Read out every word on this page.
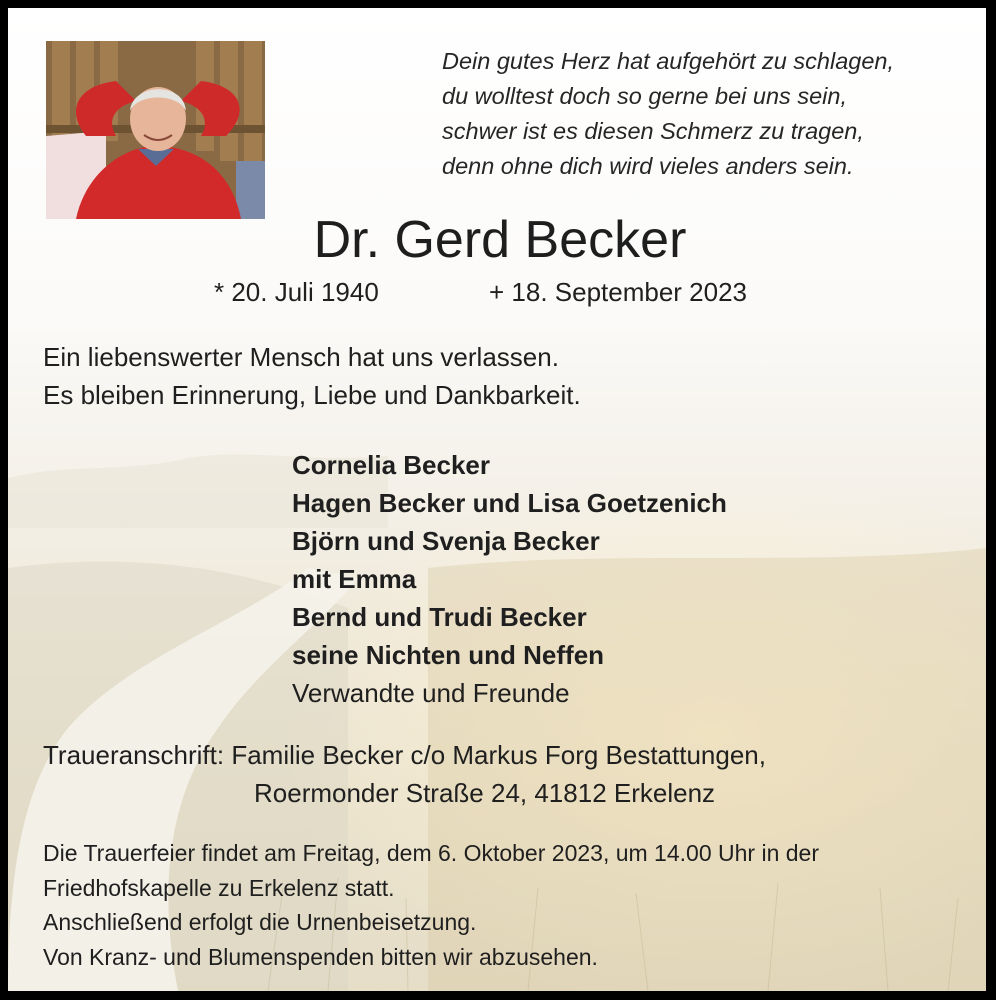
Dein gutes Herz hat aufgehört zu schlagen,
du wolltest doch so gerne bei uns sein,
schwer ist es diesen Schmerz zu tragen,
denn ohne dich wird vieles anders sein.
Dr. Gerd Becker
* 20. Juli 1940	+ 18. September 2023
Ein liebenswerter Mensch hat uns verlassen.
Es bleiben Erinnerung, Liebe und Dankbarkeit.
Cornelia Becker
Hagen Becker und Lisa Goetzenich
Björn und Svenja Becker
mit Emma
Bernd und Trudi Becker
seine Nichten und Neffen
Verwandte und Freunde
Traueranschrift: Familie Becker c/o Markus Forg Bestattungen,
Roermonder Straße 24, 41812 Erkelenz
Die Trauerfeier findet am Freitag, dem 6. Oktober 2023, um 14.00 Uhr in der
Friedhofskapelle zu Erkelenz statt.
Anschließend erfolgt die Urnenbeisetzung.
Von Kranz- und Blumenspenden bitten wir abzusehen.
